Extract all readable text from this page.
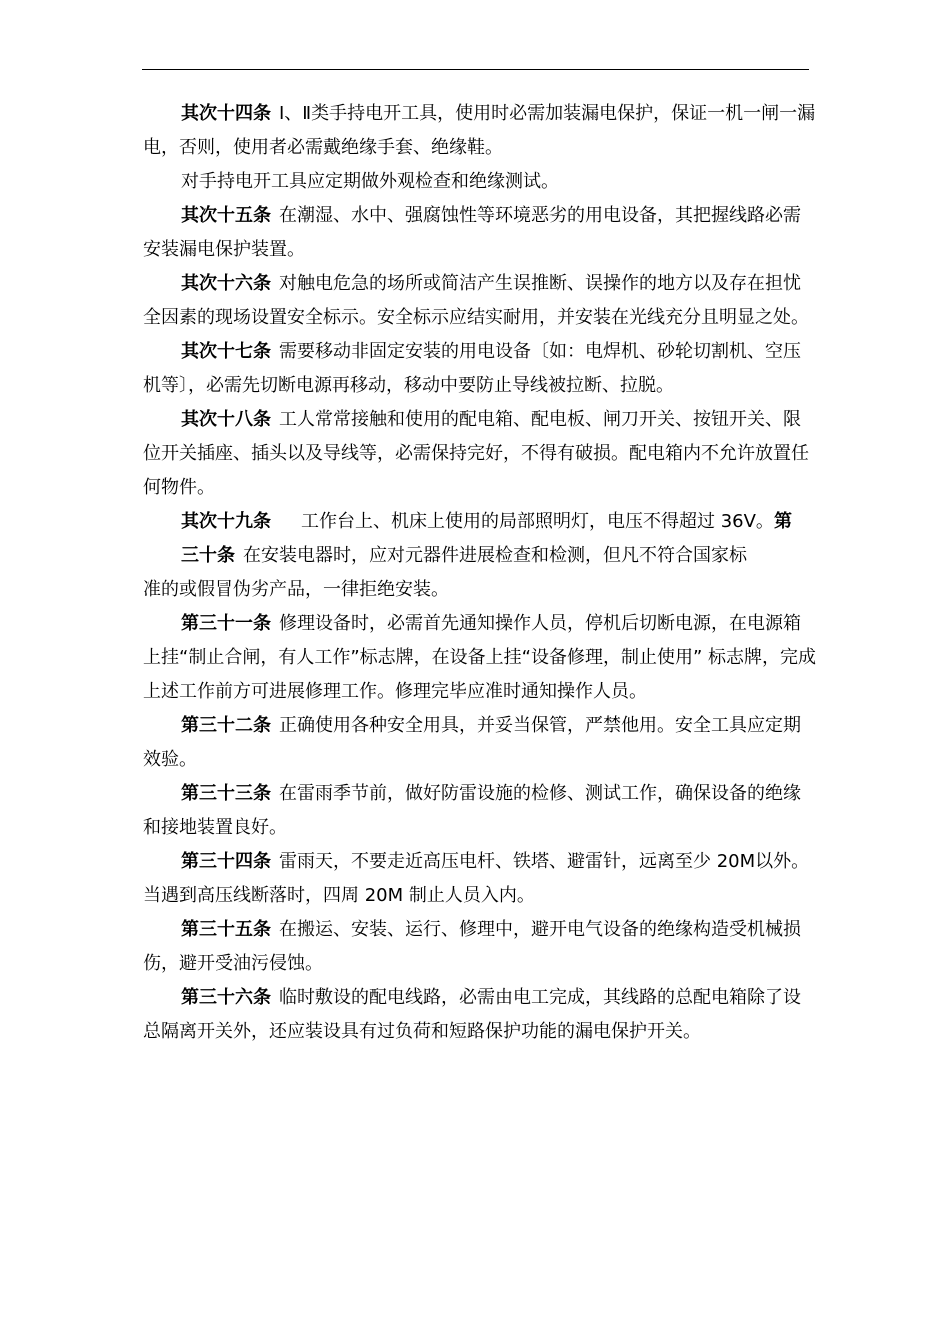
其次十四条 Ⅰ、Ⅱ类手持电开工具，使用时必需加装漏电保护，保证一机一闸一漏电，否则，使用者必需戴绝缘手套、绝缘鞋。

对手持电开工具应定期做外观检查和绝缘测试。

其次十五条 在潮湿、水中、强腐蚀性等环境恶劣的用电设备，其把握线路必需安装漏电保护装置。

其次十六条 对触电危急的场所或简洁产生误推断、误操作的地方以及存在担忧全因素的现场设置安全标示。安全标示应结实耐用，并安装在光线充分且明显之处。

其次十七条 需要移动非固定安装的用电设备〔如：电焊机、砂轮切割机、空压机等〕，必需先切断电源再移动，移动中要防止导线被拉断、拉脱。

其次十八条 工人常常接触和使用的配电箱、配电板、闸刀开关、按钮开关、限位开关插座、插头以及导线等，必需保持完好，不得有破损。配电箱内不允许放置任何物件。

其次十九条 工作台上、机床上使用的局部照明灯，电压不得超过 36V。第

三十条 在安装电器时，应对元器件进展检查和检测，但凡不符合国家标

准的或假冒伪劣产品，一律拒绝安装。

第三十一条 修理设备时，必需首先通知操作人员，停机后切断电源，在电源箱上挂“制止合闸，有人工作”标志牌，在设备上挂“设备修理，制止使用” 标志牌，完成上述工作前方可进展修理工作。修理完毕应准时通知操作人员。

第三十二条 正确使用各种安全用具，并妥当保管，严禁他用。安全工具应定期效验。

第三十三条 在雷雨季节前，做好防雷设施的检修、测试工作，确保设备的绝缘和接地装置良好。

第三十四条 雷雨天，不要走近高压电杆、铁塔、避雷针，远离至少 20M以外。当遇到高压线断落时，四周 20M 制止人员入内。

第三十五条 在搬运、安装、运行、修理中，避开电气设备的绝缘构造受机械损伤，避开受油污侵蚀。

第三十六条 临时敷设的配电线路，必需由电工完成，其线路的总配电箱除了设总隔离开关外，还应装设具有过负荷和短路保护功能的漏电保护开关。
